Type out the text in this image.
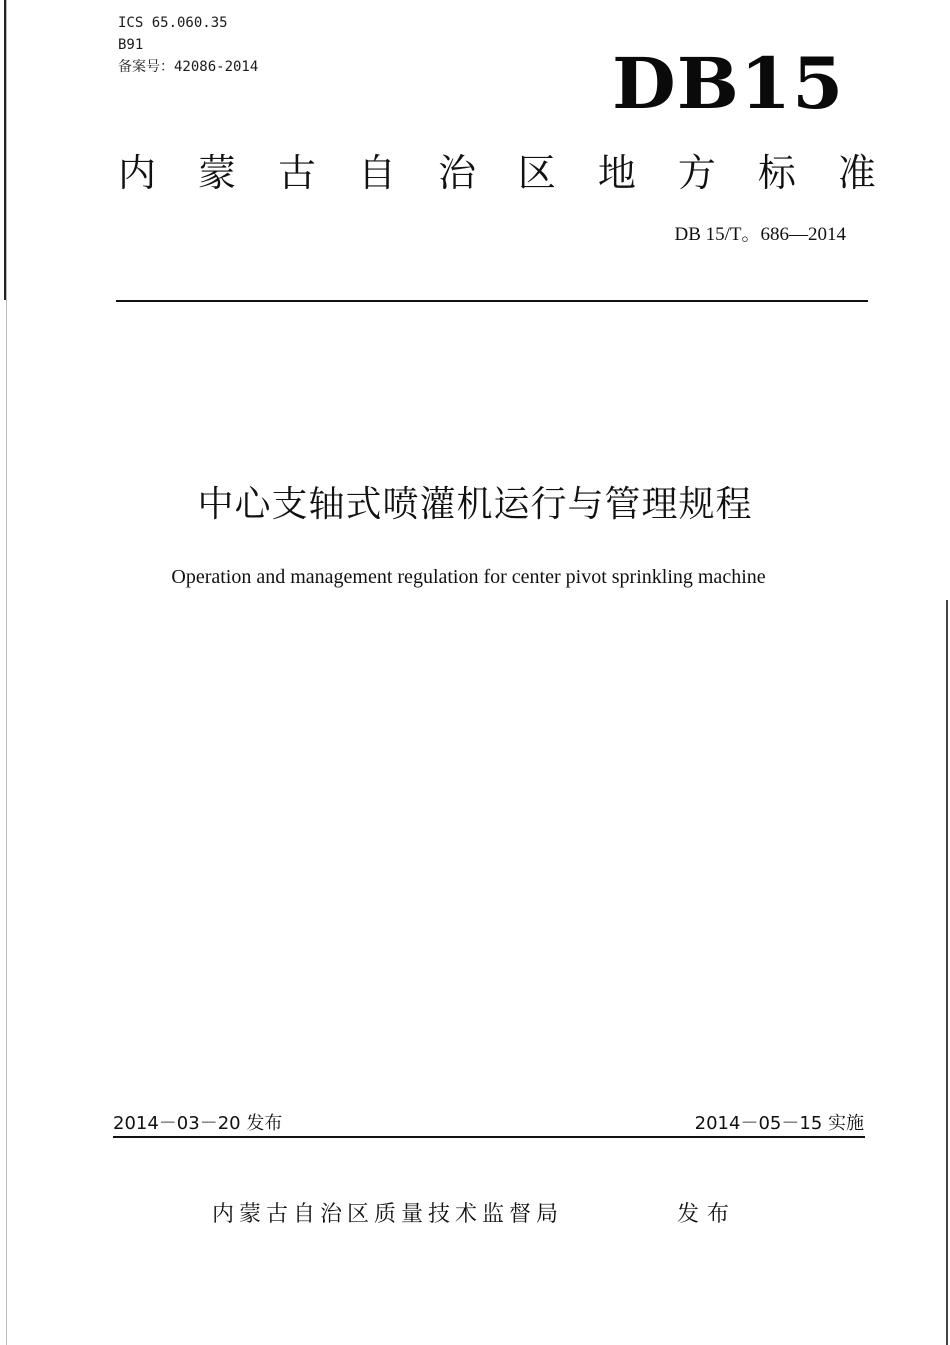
ICS 65.060.35
B91
备案号：42086-2014	DB15
内 蒙 古 自 治 区 地 方 标 准
DB 15/T。686—2014
中心支轴式喷灌机运行与管理规程
Operation and management regulation for center pivot sprinkling machine
2014－03－20 发布	2014－05－15 实施
内蒙古自治区质量技术监督局	发布
